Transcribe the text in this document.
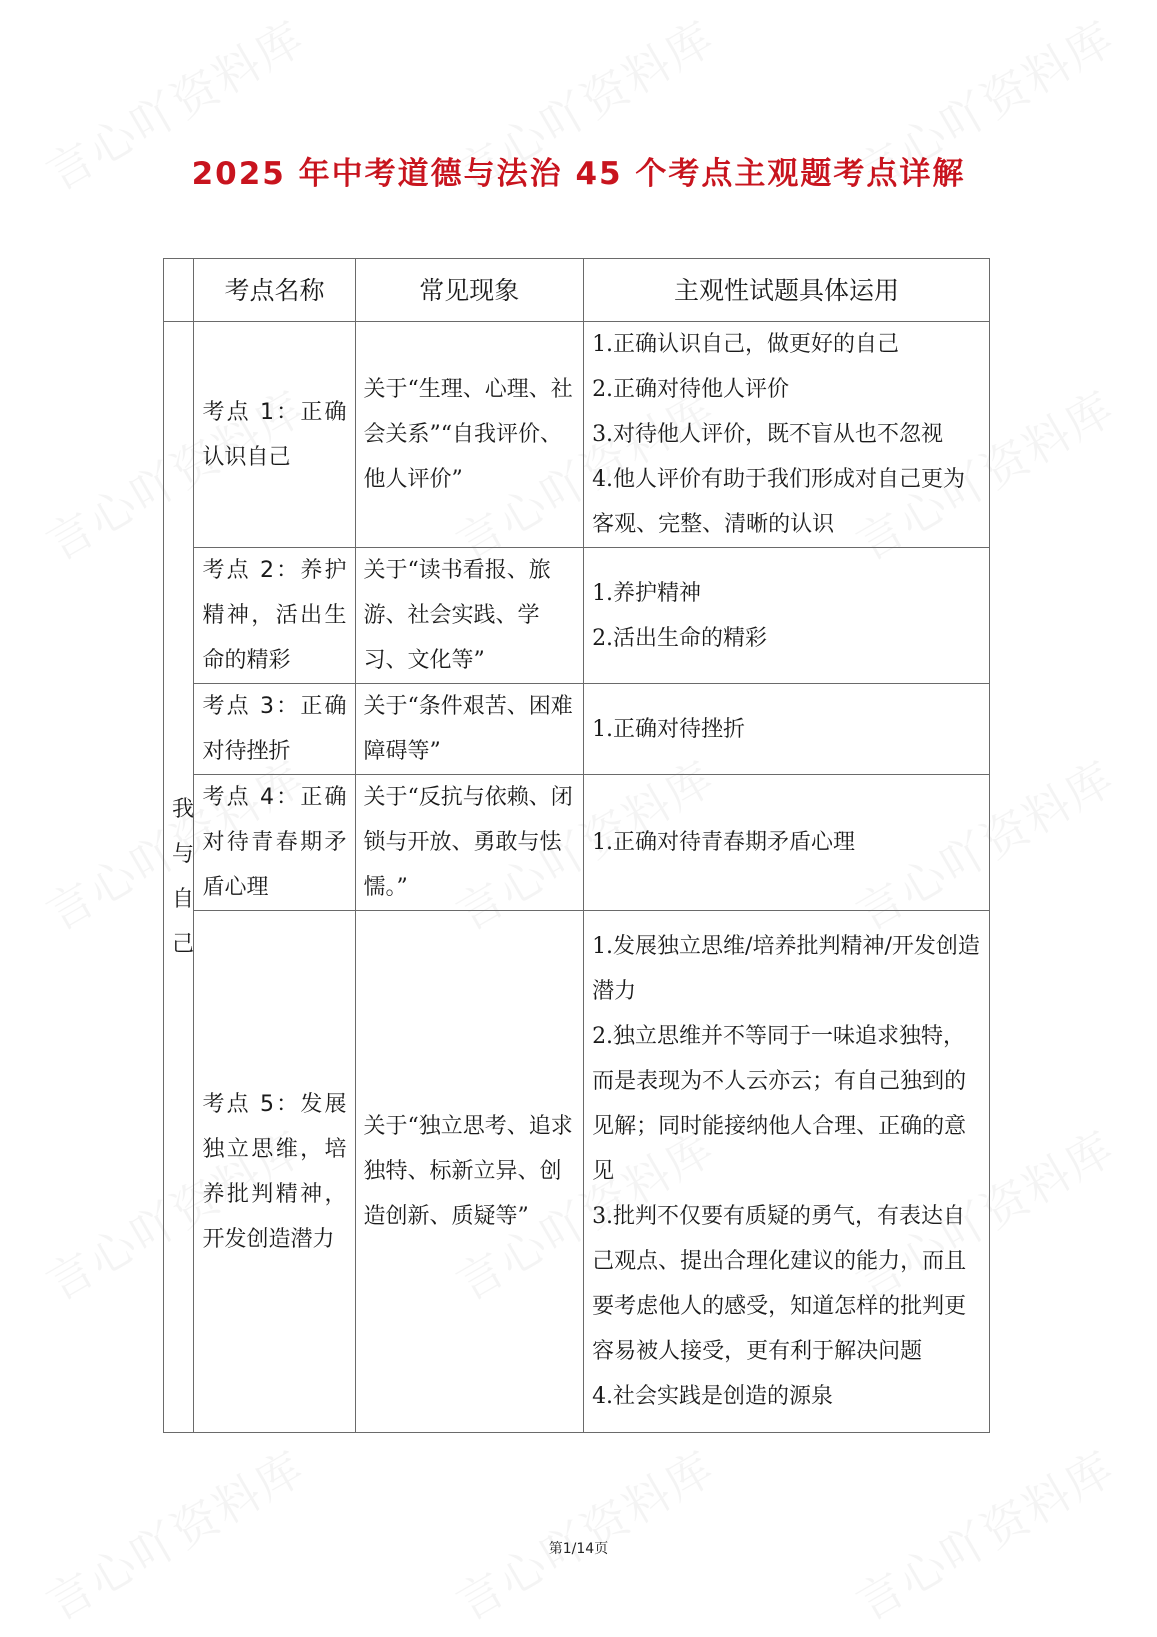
2025 年中考道德与法治 45 个考点主观题考点详解
	考点名称	常见现象	主观性试题具体运用

我
与
自
己	考点 1：正确认识自己	关于“生理、心理、社会关系”“自我评价、他人评价”	1.正确认识自己，做更好的自己
2.正确对待他人评价
3.对待他人评价，既不盲从也不忽视
4.他人评价有助于我们形成对自己更为客观、完整、清晰的认识

	考点 2：养护精神，活出生命的精彩	关于“读书看报、旅游、社会实践、学习、文化等”	1.养护精神
2.活出生命的精彩

	考点 3：正确对待挫折	关于“条件艰苦、困难障碍等”	1.正确对待挫折

	考点 4：正确对待青春期矛盾心理	关于“反抗与依赖、闭锁与开放、勇敢与怯懦。”	1.正确对待青春期矛盾心理

	考点 5：发展独立思维，培养批判精神，开发创造潜力	关于“独立思考、追求独特、标新立异、创造创新、质疑等”	1.发展独立思维/培养批判精神/开发创造潜力
2.独立思维并不等同于一味追求独特，而是表现为不人云亦云；有自己独到的见解；同时能接纳他人合理、正确的意见
3.批判不仅要有质疑的勇气，有表达自己观点、提出合理化建议的能力，而且要考虑他人的感受，知道怎样的批判更容易被人接受，更有利于解决问题
4.社会实践是创造的源泉
第1/14页
